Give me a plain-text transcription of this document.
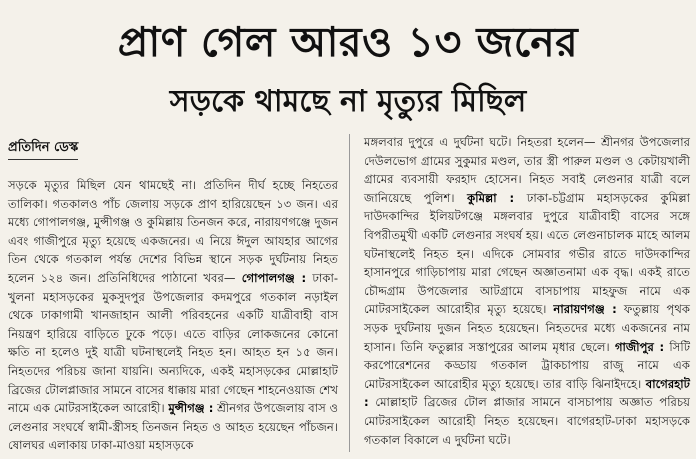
প্রাণ গেল আরও ১৩ জনের
সড়কে থামছে না মৃত্যুর মিছিল
প্রতিদিন ডেস্ক

সড়কে মৃত্যুর মিছিল যেন থামছেই না। প্রতিদিন দীর্ঘ হচ্ছে নিহতের তালিকা। গতকালও পাঁচ জেলায় সড়কে প্রাণ হারিয়েছেন ১৩ জন। এর মধ্যে গোপালগঞ্জ, মুন্সীগঞ্জ ও কুমিল্লায় তিনজন করে, নারায়ণগঞ্জে দুজন এবং গাজীপুরে মৃত্যু হয়েছে একজনের। এ নিয়ে ঈদুল আযহার আগের তিন থেকে গতকাল পর্যন্ত দেশের বিভিন্ন স্থানে সড়ক দুর্ঘটনায় নিহত হলেন ১২৪ জন। প্রতিনিধিদের পাঠানো খবর— গোপালগঞ্জ : ঢাকা-খুলনা মহাসড়কের মুকসুদপুর উপজেলার কদমপুরে গতকাল নড়াইল থেকে ঢাকাগামী খানজাহান আলী পরিবহনের একটি যাত্রীবাহী বাস নিয়ন্ত্রণ হারিয়ে বাড়িতে ঢুকে পড়ে। এতে বাড়ির লোকজনের কোনো ক্ষতি না হলেও দুই যাত্রী ঘটনাস্থলেই নিহত হন। আহত হন ১৫ জন। নিহতদের পরিচয় জানা যায়নি। অন্যদিকে, একই মহাসড়কের মোল্লাহাট ব্রিজের টোলপ্লাজার সামনে বাসের ধাক্কায় মারা গেছেন শাহনেওয়াজ শেখ নামে এক মোটরসাইকেল আরোহী। মুন্সীগঞ্জ : শ্রীনগর উপজেলায় বাস ও লেগুনার সংঘর্ষে স্বামী-স্ত্রীসহ তিনজন নিহত ও আহত হয়েছেন পাঁচজন। ষোলঘর এলাকায় ঢাকা-মাওয়া মহাসড়কে

মঙ্গলবার দুপুরে এ দুর্ঘটনা ঘটে। নিহতরা হলেন— শ্রীনগর উপজেলার দেউলভোগ গ্রামের সুকুমার মণ্ডল, তার স্ত্রী পারুল মণ্ডল ও কেটায়খালী গ্রামের ব্যবসায়ী ফরহাদ হোসেন। নিহত সবাই লেগুনার যাত্রী বলে জানিয়েছে পুলিশ। কুমিল্লা : ঢাকা-চট্টগ্রাম মহাসড়কের কুমিল্লা দাউদকান্দির ইলিয়টগঞ্জে মঙ্গলবার দুপুরে যাত্রীবাহী বাসের সঙ্গে বিপরীতমুখী একটি লেগুনার সংঘর্ষ হয়। এতে লেগুনাচালক মাহে আলম ঘটনাস্থলেই নিহত হন। এদিকে সোমবার গভীর রাতে দাউদকান্দির হাসানপুরে গাড়িচাপায় মারা গেছেন অজ্ঞাতনামা এক বৃদ্ধ। একই রাতে চৌদ্দগ্রাম উপজেলার আটগ্রামে বাসচাপায় মাহফুজ নামে এক মোটরসাইকেল আরোহীর মৃত্যু হয়েছে। নারায়ণগঞ্জ : ফতুল্লায় পৃথক সড়ক দুর্ঘটনায় দুজন নিহত হয়েছেন। নিহতদের মধ্যে একজনের নাম হাসান। তিনি ফতুল্লার সস্তাপুরের আলম মৃধার ছেলে। গাজীপুর : সিটি করপোরেশনের কড্ডায় গতকাল ট্রাকচাপায় রাজু নামে এক মোটরসাইকেল আরোহীর মৃত্যু হয়েছে। তার বাড়ি ঝিনাইদহে। বাগেরহাট : মোল্লাহাট ব্রিজের টোল প্লাজার সামনে বাসচাপায় অজ্ঞাত পরিচয় মোটরসাইকেল আরোহী নিহত হয়েছেন। বাগেরহাট-ঢাকা মহাসড়কে গতকাল বিকালে এ দুর্ঘটনা ঘটে।
